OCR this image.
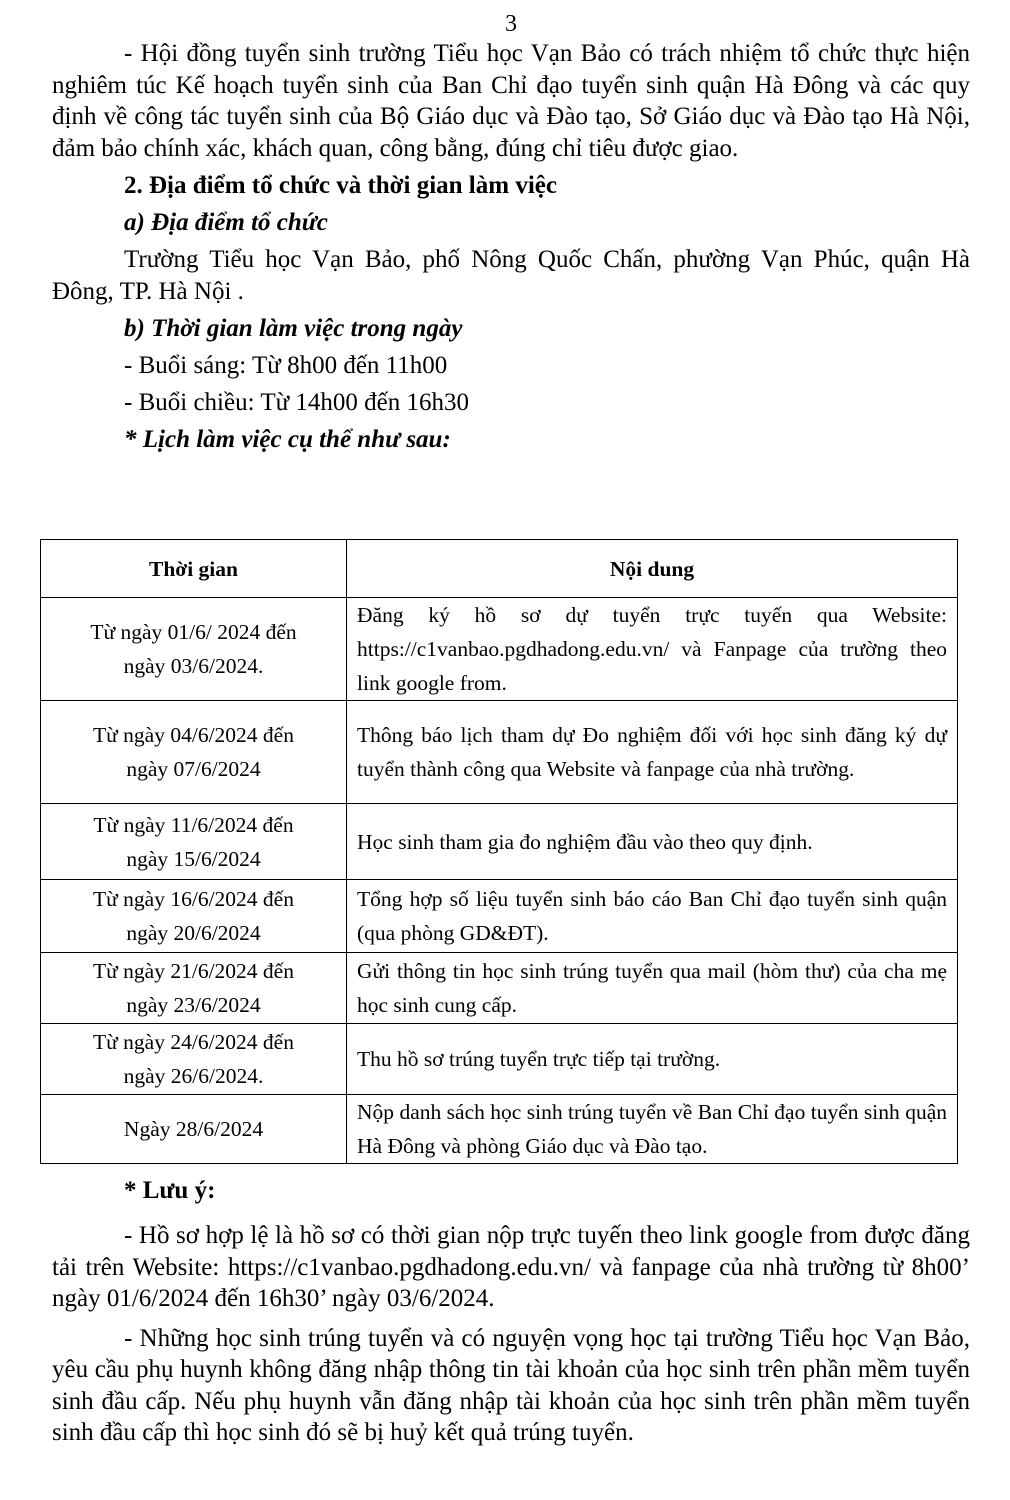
3

- Hội đồng tuyển sinh trường Tiểu học Vạn Bảo có trách nhiệm tổ chức thực hiện nghiêm túc Kế hoạch tuyển sinh của Ban Chỉ đạo tuyển sinh quận Hà Đông và các quy định về công tác tuyển sinh của Bộ Giáo dục và Đào tạo, Sở Giáo dục và Đào tạo Hà Nội, đảm bảo chính xác, khách quan, công bằng, đúng chỉ tiêu được giao.

2. Địa điểm tổ chức và thời gian làm việc
a) Địa điểm tổ chức

Trường Tiểu học Vạn Bảo, phố Nông Quốc Chấn, phường Vạn Phúc, quận Hà Đông, TP. Hà Nội .

b) Thời gian làm việc trong ngày
- Buổi sáng: Từ 8h00 đến 11h00
- Buổi chiều: Từ 14h00 đến 16h30
* Lịch làm việc cụ thể như sau:
Thời gian	Nội dung
Từ ngày 01/6/ 2024 đến
ngày 03/6/2024.	Đăng ký hồ sơ dự tuyển trực tuyến qua Website: https://c1vanbao.pgdhadong.edu.vn/ và Fanpage của trường theo link google from.
Từ ngày 04/6/2024 đến
ngày 07/6/2024	Thông báo lịch tham dự Đo nghiệm đối với học sinh đăng ký dự tuyển thành công qua Website và fanpage của nhà trường.
Từ ngày 11/6/2024 đến
ngày 15/6/2024	Học sinh tham gia đo nghiệm đầu vào theo quy định.
Từ ngày 16/6/2024 đến
ngày 20/6/2024	Tổng hợp số liệu tuyển sinh báo cáo Ban Chỉ đạo tuyển sinh quận (qua phòng GD&ĐT).
Từ ngày 21/6/2024 đến
ngày 23/6/2024	Gửi thông tin học sinh trúng tuyển qua mail (hòm thư) của cha mẹ học sinh cung cấp.
Từ ngày 24/6/2024 đến
ngày 26/6/2024.	Thu hồ sơ trúng tuyển trực tiếp tại trường.
Ngày 28/6/2024	Nộp danh sách học sinh trúng tuyển về Ban Chỉ đạo tuyển sinh quận Hà Đông và phòng Giáo dục và Đào tạo.
* Lưu ý:

- Hồ sơ hợp lệ là hồ sơ có thời gian nộp trực tuyến theo link google from được đăng tải trên Website: https://c1vanbao.pgdhadong.edu.vn/ và fanpage của nhà trường từ 8h00’ ngày 01/6/2024 đến 16h30’ ngày 03/6/2024.

- Những học sinh trúng tuyển và có nguyện vọng học tại trường Tiểu học Vạn Bảo, yêu cầu phụ huynh không đăng nhập thông tin tài khoản của học sinh trên phần mềm tuyển sinh đầu cấp. Nếu phụ huynh vẫn đăng nhập tài khoản của học sinh trên phần mềm tuyển sinh đầu cấp thì học sinh đó sẽ bị huỷ kết quả trúng tuyển.
